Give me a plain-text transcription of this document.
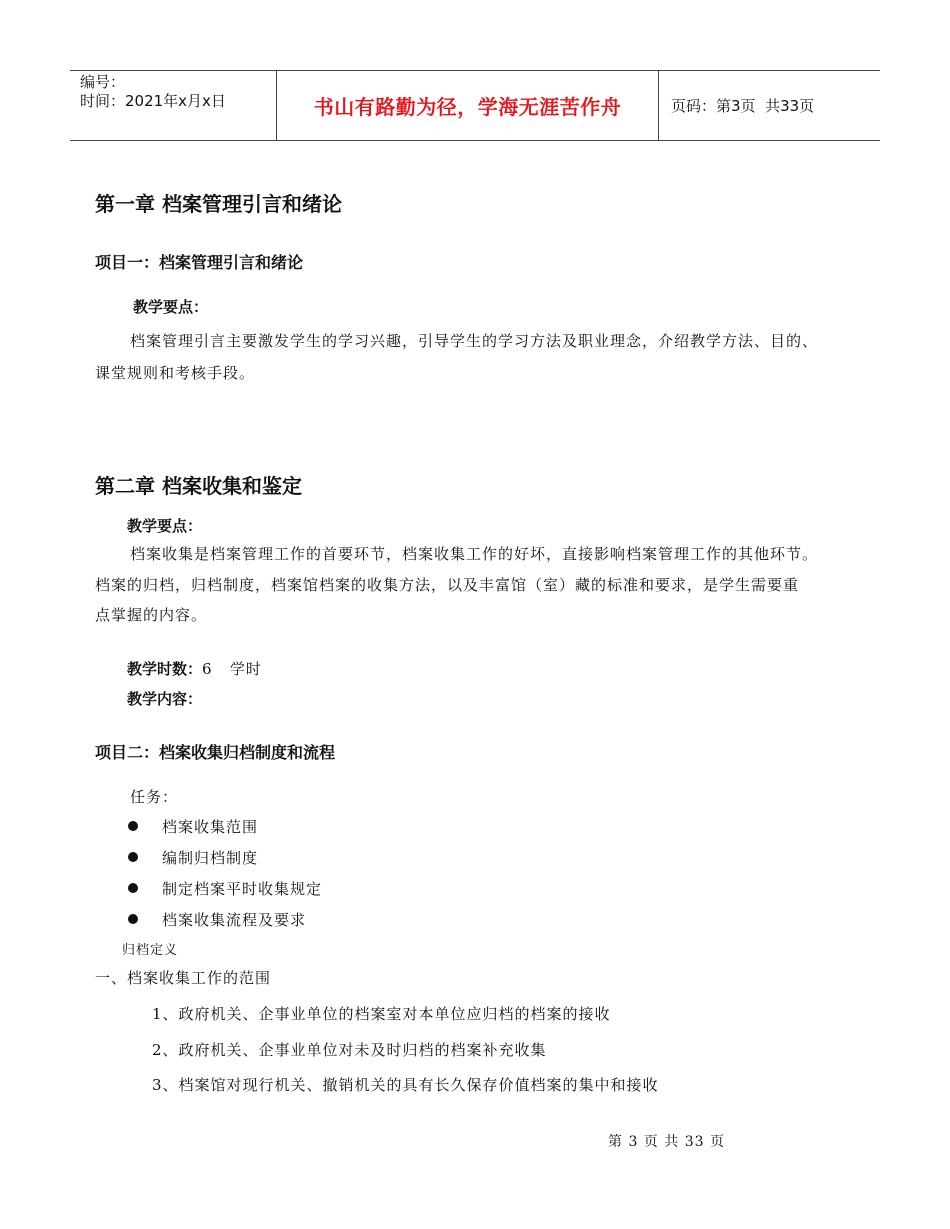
编号：
时间：2021年x月x日	书山有路勤为径，学海无涯苦作舟	页码：第3页  共33页
第一章 档案管理引言和绪论
项目一：档案管理引言和绪论
教学要点：
档案管理引言主要激发学生的学习兴趣，引导学生的学习方法及职业理念，介绍教学方法、目的、
课堂规则和考核手段。
第二章 档案收集和鉴定
教学要点：
档案收集是档案管理工作的首要环节，档案收集工作的好坏，直接影响档案管理工作的其他环节。
档案的归档，归档制度，档案馆档案的收集方法，以及丰富馆（室）藏的标准和要求，是学生需要重
点掌握的内容。
教学时数：6   学时
教学内容：
项目二：档案收集归档制度和流程
任务：
档案收集范围
编制归档制度
制定档案平时收集规定
档案收集流程及要求
归档定义
一、档案收集工作的范围
1、政府机关、企事业单位的档案室对本单位应归档的档案的接收
2、政府机关、企事业单位对未及时归档的档案补充收集
3、档案馆对现行机关、撤销机关的具有长久保存价值档案的集中和接收
第 3 页 共 33 页
